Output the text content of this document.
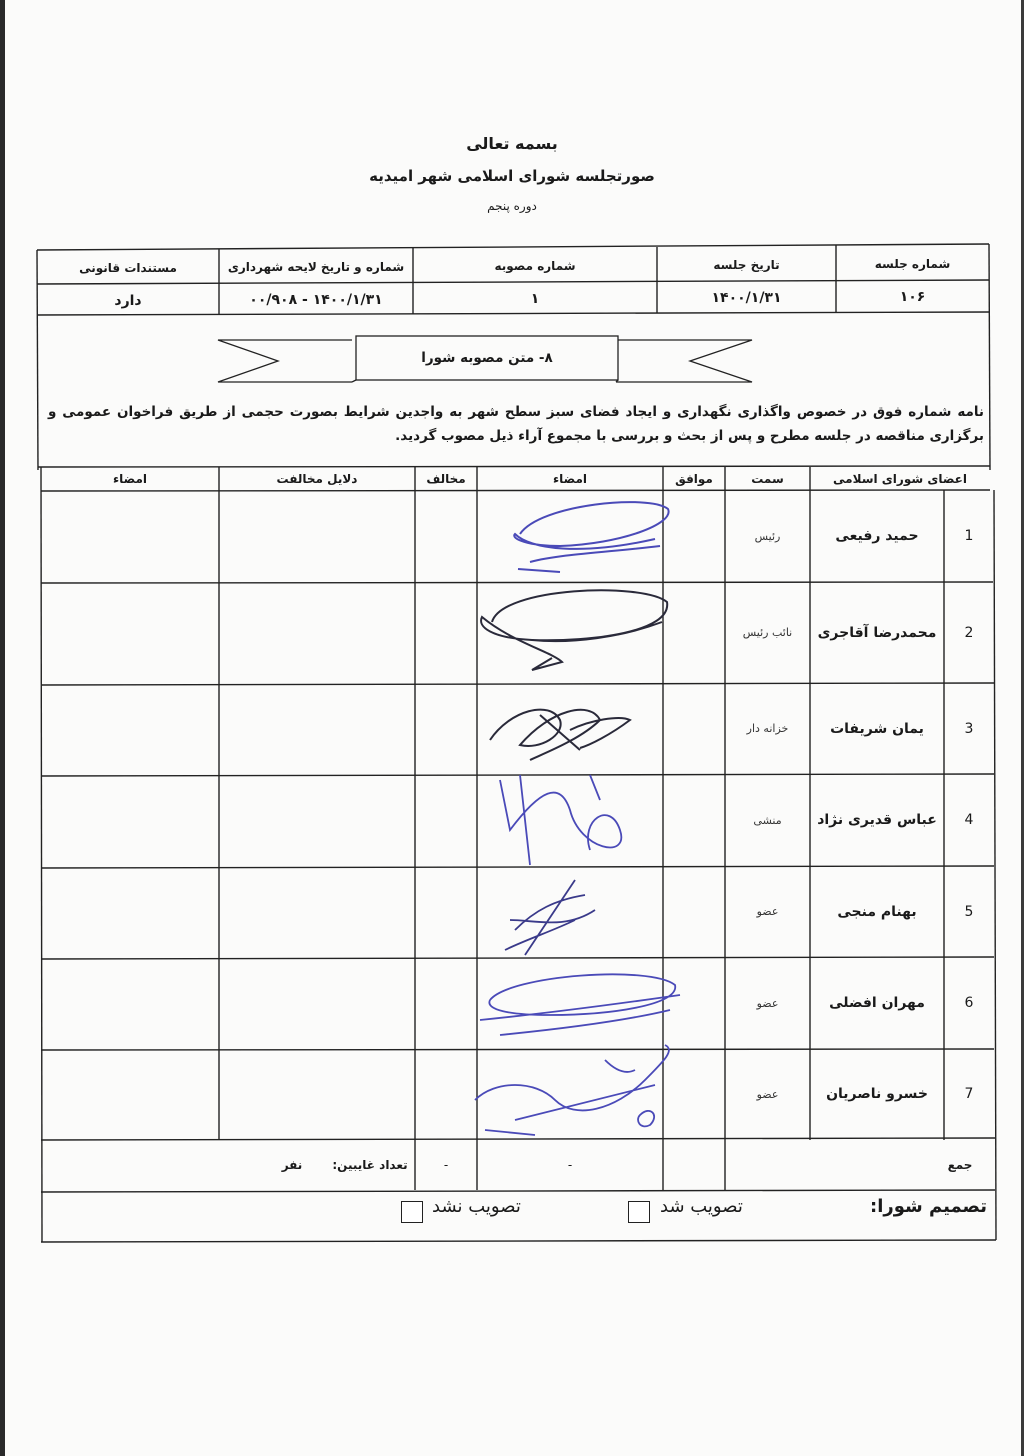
بسمه تعالی
صورتجلسه شورای اسلامی شهر امیدیه
دوره پنجم
شماره جلسه
تاریخ جلسه
شماره مصوبه
شماره و تاریخ لایحه شهرداری
مستندات قانونی
۱۰۶
۱۴۰۰/۱/۳۱
۱
۱۴۰۰/۱/۳۱ - ۰۰/۹۰۸
دارد
۸- متن مصوبه شورا
نامه شماره فوق در خصوص واگذاری نگهداری و ایجاد فضای سبز سطح شهر به واجدین شرایط بصورت حجمی از طریق فراخوان عمومی و برگزاری مناقصه در جلسه مطرح و پس از بحث و بررسی با مجموع آراء ذیل مصوب گردید.
اعضای شورای اسلامی
سمت
موافق
امضاء
مخالف
دلایل مخالفت
امضاء
1
حمید رفیعی
رئیس
2
محمدرضا آقاجری
نائب رئیس
3
یمان شریفات
خزانه دار
4
عباس قدیری نژاد
منشی
5
بهنام منجی
عضو
6
مهران افضلی
عضو
7
خسرو ناصریان
عضو
جمع
-
-
تعداد غایبین:
نفر
تصمیم شورا:
تصویب شد
تصویب نشد
